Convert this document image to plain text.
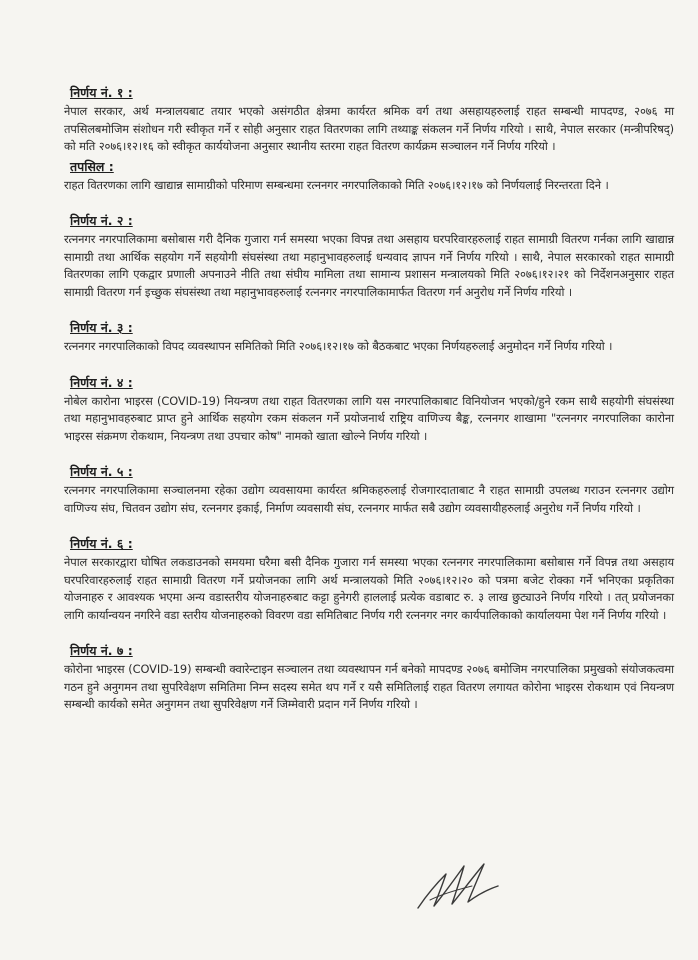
निर्णय नं. १ :

नेपाल सरकार, अर्थ मन्त्रालयबाट तयार भएको असंगठीत क्षेत्रमा कार्यरत श्रमिक वर्ग तथा असहायहरुलाई राहत सम्बन्धी मापदण्ड, २०७६ मा तपसिलबमोजिम संशोधन गरी स्वीकृत गर्ने र सोही अनुसार राहत वितरणका लागि तथ्याङ्क संकलन गर्ने निर्णय गरियो । साथै, नेपाल सरकार (मन्त्रीपरिषद्) को मति २०७६।१२।१६ को स्वीकृत कार्ययोजना अनुसार स्थानीय स्तरमा राहत वितरण कार्यक्रम सञ्चालन गर्ने निर्णय गरियो ।

तपसिल :

राहत वितरणका लागि खाद्यान्न सामाग्रीको परिमाण सम्बन्धमा रत्ननगर नगरपालिकाको मिति २०७६।१२।१७ को निर्णयलाई निरन्तरता दिने ।

निर्णय नं. २ :

रत्ननगर नगरपालिकामा बसोबास गरी दैनिक गुजारा गर्न समस्या भएका विपन्न तथा असहाय घरपरिवारहरुलाई राहत सामाग्री वितरण गर्नका लागि खाद्यान्न सामाग्री तथा आर्थिक सहयोग गर्ने सहयोगी संघसंस्था तथा महानुभावहरुलाई धन्यवाद ज्ञापन गर्ने निर्णय गरियो । साथै, नेपाल सरकारको राहत सामाग्री वितरणका लागि एकद्वार प्रणाली अपनाउने नीति तथा संघीय मामिला तथा सामान्य प्रशासन मन्त्रालयको मिति २०७६।१२।२१ को निर्देशनअनुसार राहत सामाग्री वितरण गर्न इच्छुक संघसंस्था तथा महानुभावहरुलाई रत्ननगर नगरपालिकामार्फत वितरण गर्न अनुरोध गर्ने निर्णय गरियो ।

निर्णय नं. ३ :

रत्ननगर नगरपालिकाको विपद व्यवस्थापन समितिको मिति २०७६।१२।१७ को बैठकबाट भएका निर्णयहरुलाई अनुमोदन गर्ने निर्णय गरियो ।

निर्णय नं. ४ :

नोबेल कारोना भाइरस (COVID-19) नियन्त्रण तथा राहत वितरणका लागि यस नगरपालिकाबाट विनियोजन भएको/हुने रकम साथै सहयोगी संघसंस्था तथा महानुभावहरुबाट प्राप्त हुने आर्थिक सहयोग रकम संकलन गर्ने प्रयोजनार्थ राष्ट्रिय वाणिज्य बैङ्क, रत्ननगर शाखामा "रत्ननगर नगरपालिका कारोना भाइरस संक्रमण रोकथाम, नियन्त्रण तथा उपचार कोष" नामको खाता खोल्ने निर्णय गरियो ।

निर्णय नं. ५ :

रत्ननगर नगरपालिकामा सञ्चालनमा रहेका उद्योग व्यवसायमा कार्यरत श्रमिकहरुलाई रोजगारदाताबाट नै राहत सामाग्री उपलब्ध गराउन रत्ननगर उद्योग वाणिज्य संघ, चितवन उद्योग संघ, रत्ननगर इकाई, निर्माण व्यवसायी संघ, रत्ननगर मार्फत सबै उद्योग व्यवसायीहरुलाई अनुरोध गर्ने निर्णय गरियो ।

निर्णय नं. ६ :

नेपाल सरकारद्वारा घोषित लकडाउनको समयमा घरैमा बसी दैनिक गुजारा गर्न समस्या भएका रत्ननगर नगरपालिकामा बसोबास गर्ने विपन्न तथा असहाय घरपरिवारहरुलाई राहत सामाग्री वितरण गर्ने प्रयोजनका लागि अर्थ मन्त्रालयको मिति २०७६।१२।२० को पत्रमा बजेट रोक्का गर्ने भनिएका प्रकृतिका योजनाहरु र आवश्यक भएमा अन्य वडास्तरीय योजनाहरुबाट कट्टा हुनेगरी हाललाई प्रत्येक वडाबाट रु. ३ लाख छुट्याउने निर्णय गरियो । तत् प्रयोजनका लागि कार्यान्वयन नगरिने वडा स्तरीय योजनाहरुको विवरण वडा समितिबाट निर्णय गरी रत्ननगर नगर कार्यपालिकाको कार्यालयमा पेश गर्ने निर्णय गरियो ।

निर्णय नं. ७ :

कोरोना भाइरस (COVID-19) सम्बन्धी क्वारेन्टाइन सञ्चालन तथा व्यवस्थापन गर्न बनेको मापदण्ड २०७६ बमोजिम नगरपालिका प्रमुखको संयोजकत्वमा गठन हुने अनुगमन तथा सुपरिवेक्षण समितिमा निम्न सदस्य समेत थप गर्ने र यसै समितिलाई राहत वितरण लगायत कोरोना भाइरस रोकथाम एवं नियन्त्रण सम्बन्धी कार्यको समेत अनुगमन तथा सुपरिवेक्षण गर्ने जिम्मेवारी प्रदान गर्ने निर्णय गरियो ।
